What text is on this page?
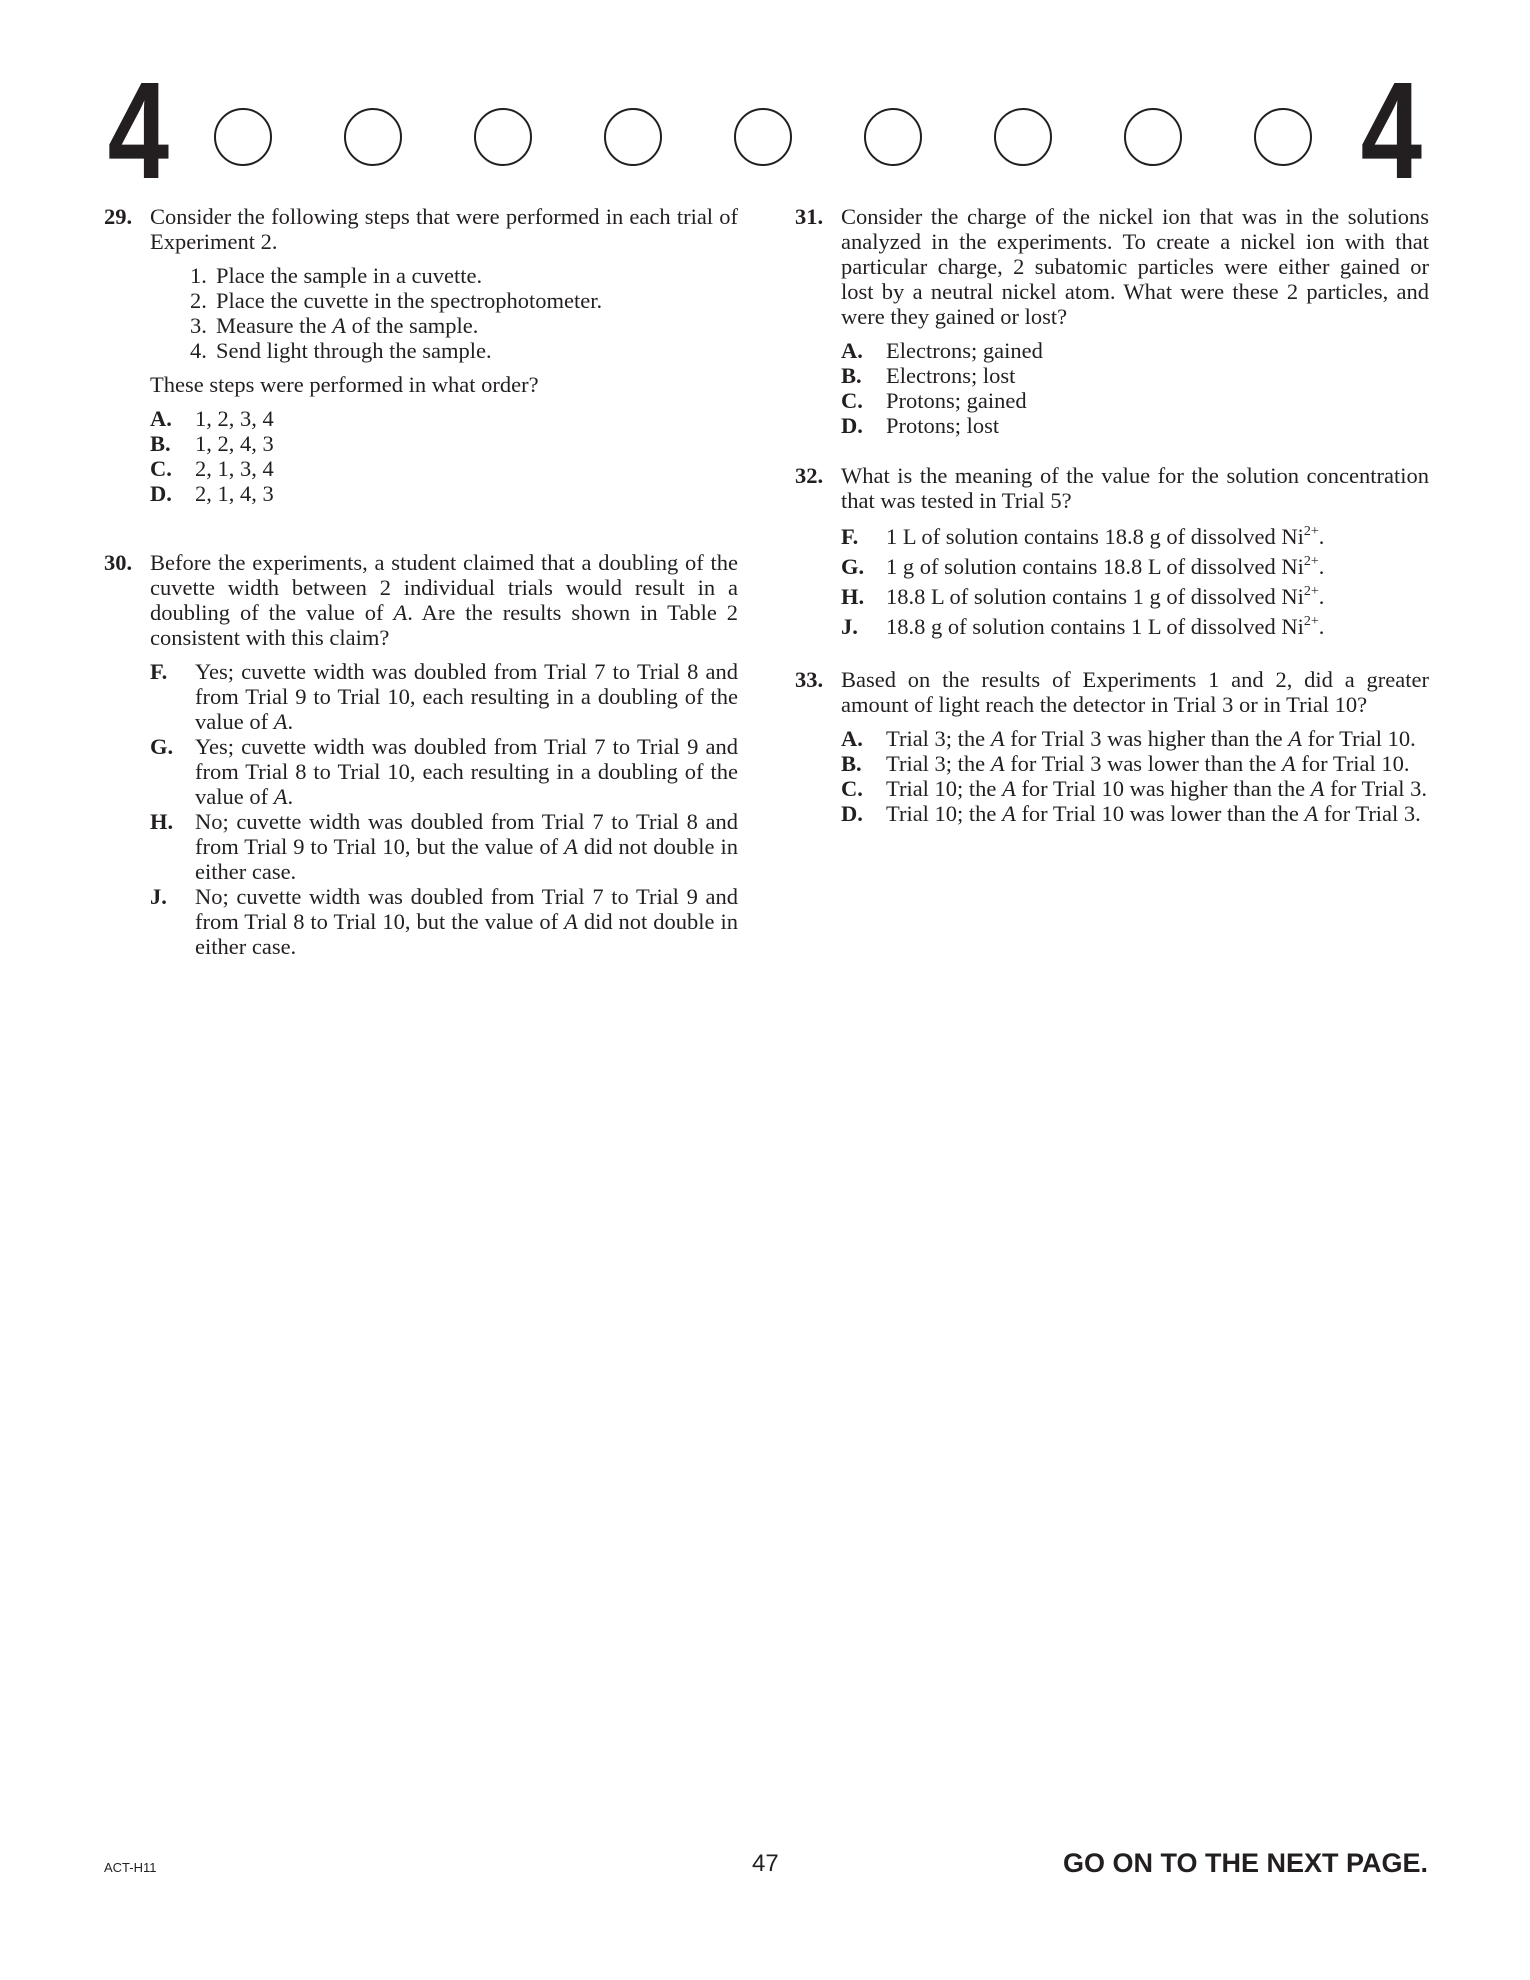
4	4
29. Consider the following steps that were performed in each trial of Experiment 2.
1. Place the sample in a cuvette.
2. Place the cuvette in the spectrophotometer.
3. Measure the A of the sample.
4. Send light through the sample.
These steps were performed in what order?
A.	1, 2, 3, 4
B.	1, 2, 4, 3
C.	2, 1, 3, 4
D.	2, 1, 4, 3
30. Before the experiments, a student claimed that a doubling of the cuvette width between 2 individual trials would result in a doubling of the value of A. Are the results shown in Table 2 consistent with this claim?
F.	Yes; cuvette width was doubled from Trial 7 to Trial 8 and from Trial 9 to Trial 10, each resulting in a doubling of the value of A.
G. Yes; cuvette width was doubled from Trial 7 to Trial 9 and from Trial 8 to Trial 10, each resulting in a doubling of the value of A.
H. No; cuvette width was doubled from Trial 7 to Trial 8 and from Trial 9 to Trial 10, but the value of A did not double in either case.
J.	No; cuvette width was doubled from Trial 7 to Trial 9 and from Trial 8 to Trial 10, but the value of A did not double in either case.
31. Consider the charge of the nickel ion that was in the solutions analyzed in the experiments. To create a nickel ion with that particular charge, 2 subatomic particles were either gained or lost by a neutral nickel atom. What were these 2 particles, and were they gained or lost?
A.	Electrons; gained
B.	Electrons; lost
C.	Protons; gained
D.	Protons; lost
32. What is the meaning of the value for the solution concentration that was tested in Trial 5?
F.	1 L of solution contains 18.8 g of dissolved $Ni^{2+}$.
G. 1 g of solution contains 18.8 L of dissolved $Ni^{2+}$.
H. 18.8 L of solution contains 1 g of dissolved $Ni^{2+}$.
J.	18.8 g of solution contains 1 L of dissolved $Ni^{2+}$.
33. Based on the results of Experiments 1 and 2, did a greater amount of light reach the detector in Trial 3 or in Trial 10?
A.	Trial 3; the A for Trial 3 was higher than the A for Trial 10.
B.	Trial 3; the A for Trial 3 was lower than the A for Trial 10.
C.	Trial 10; the A for Trial 10 was higher than the A for Trial 3.
D.	Trial 10; the A for Trial 10 was lower than the A for Trial 3.
ACT-H11	47	GO ON TO THE NEXT PAGE.
